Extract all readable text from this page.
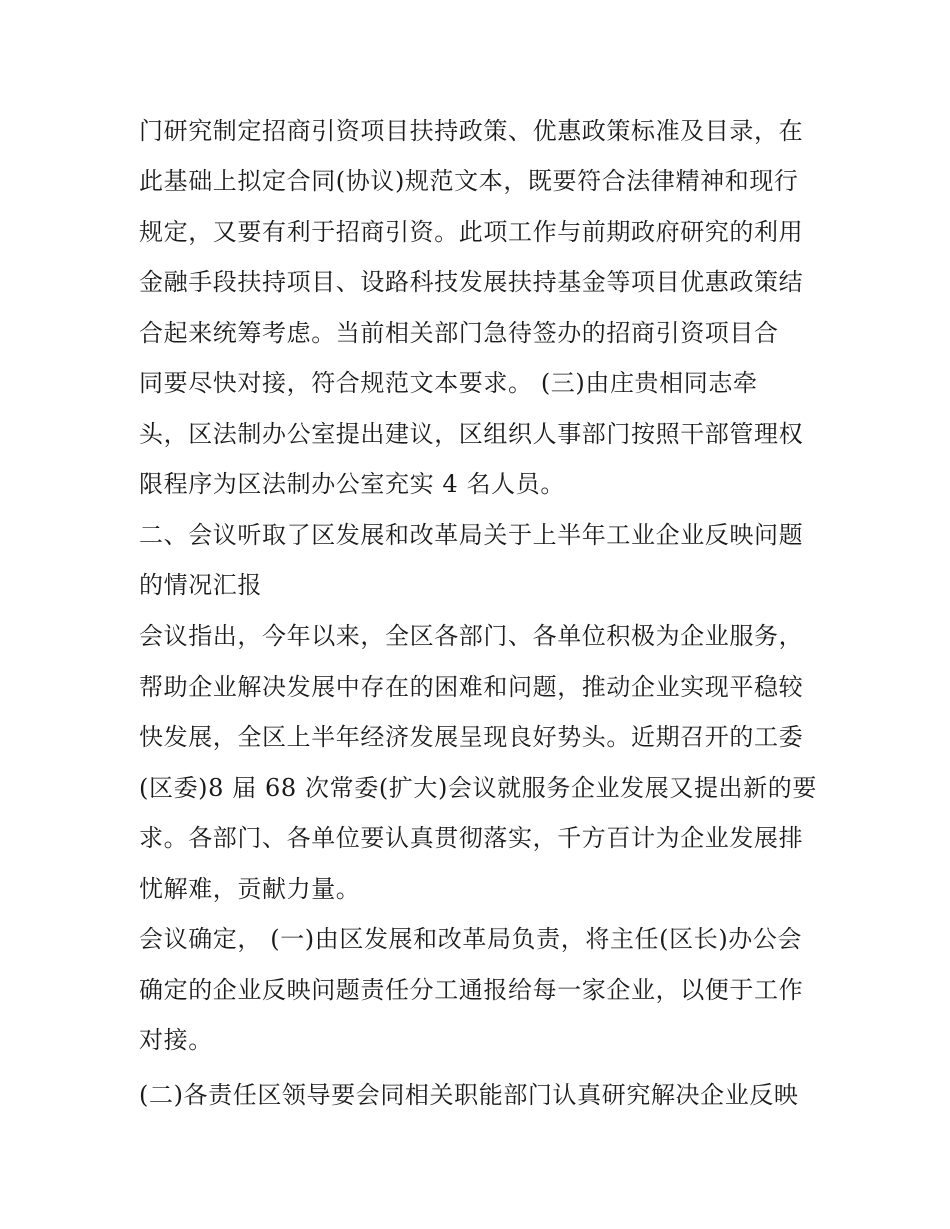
门研究制定招商引资项目扶持政策、优惠政策标准及目录，在
此基础上拟定合同(协议)规范文本，既要符合法律精神和现行
规定，又要有利于招商引资。此项工作与前期政府研究的利用
金融手段扶持项目、设路科技发展扶持基金等项目优惠政策结
合起来统筹考虑。当前相关部门急待签办的招商引资项目合
同要尽快对接，符合规范文本要求。 (三)由庄贵相同志牵
头，区法制办公室提出建议，区组织人事部门按照干部管理权
限程序为区法制办公室充实 4 名人员。
二、会议听取了区发展和改革局关于上半年工业企业反映问题
的情况汇报
会议指出，今年以来，全区各部门、各单位积极为企业服务，
帮助企业解决发展中存在的困难和问题，推动企业实现平稳较
快发展，全区上半年经济发展呈现良好势头。近期召开的工委
(区委)8 届 68 次常委(扩大)会议就服务企业发展又提出新的要
求。各部门、各单位要认真贯彻落实，千方百计为企业发展排
忧解难，贡献力量。
会议确定， (一)由区发展和改革局负责，将主任(区长)办公会
确定的企业反映问题责任分工通报给每一家企业，以便于工作
对接。
(二)各责任区领导要会同相关职能部门认真研究解决企业反映
